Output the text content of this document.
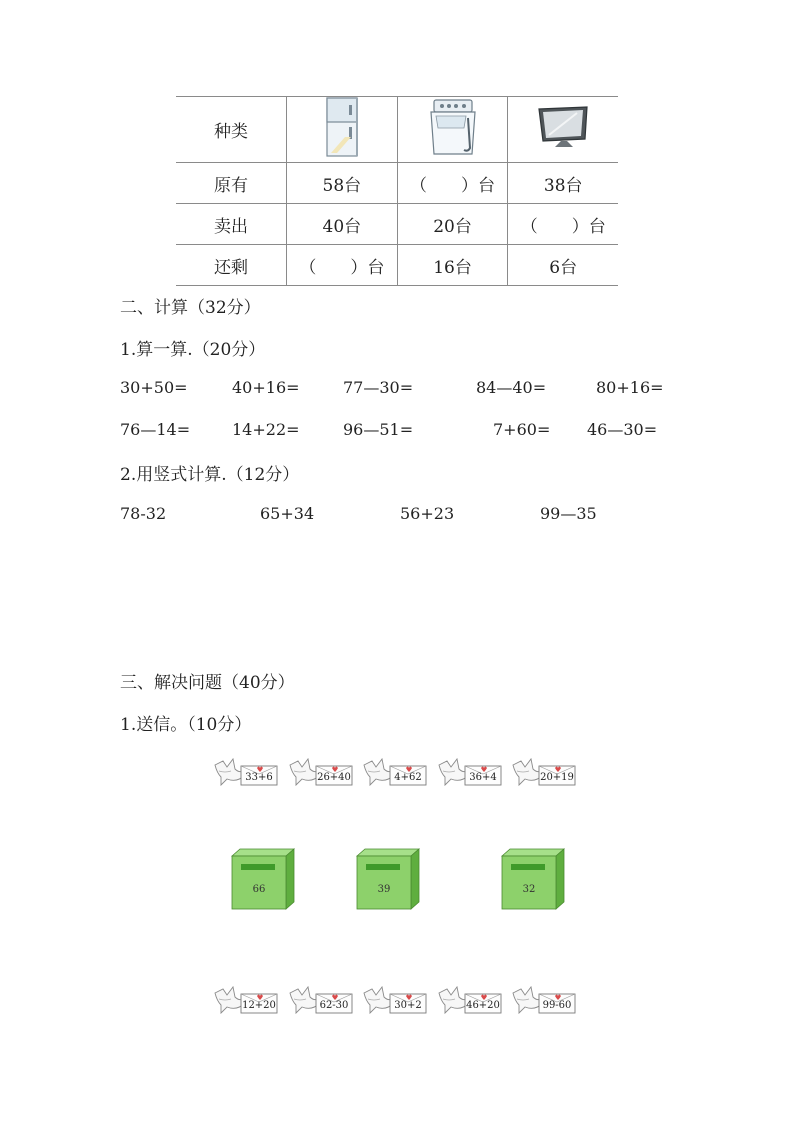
种类			
原有	58台	（　　）台	38台
卖出	40台	20台	（　　）台
还剩	（　　）台	16台	6台
二、计算（32分）
1.算一算.（20分）
30+50=	40+16=	77—30=	84—40=	80+16=
76—14=	14+22=	96—51=	7+60= 46—30=
2.用竖式计算.（12分）
78-32	65+34	56+23	99—35
三、解决问题（40分）
1.送信。（10分）
33+6	26+40	4+62	36+4	20+19
12+20	62-30	30+2	46+20	99-60
66	39	32
